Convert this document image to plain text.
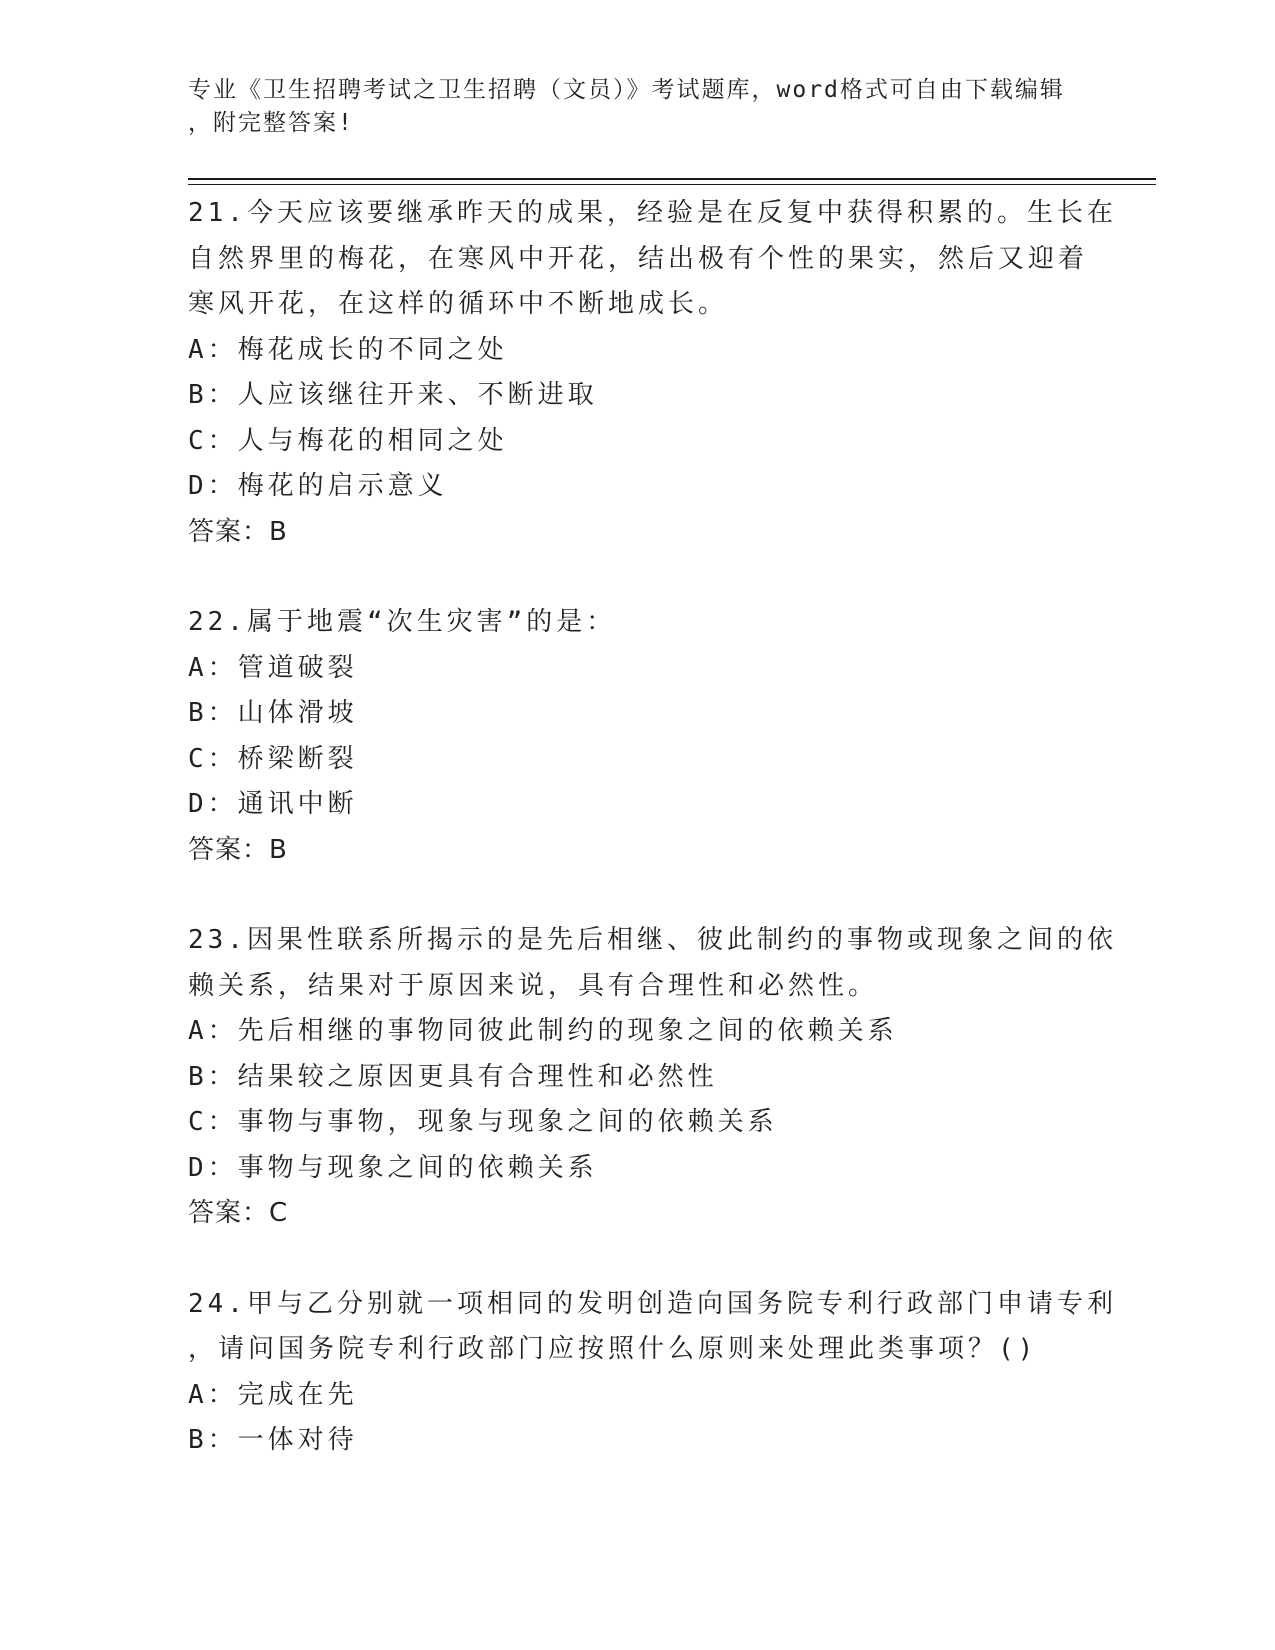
专业《卫生招聘考试之卫生招聘（文员）》考试题库，word格式可自由下载编辑
，附完整答案!
21.今天应该要继承昨天的成果，经验是在反复中获得积累的。生长在
自然界里的梅花，在寒风中开花，结出极有个性的果实，然后又迎着
寒风开花，在这样的循环中不断地成长。
A：梅花成长的不同之处
B：人应该继往开来、不断进取
C：人与梅花的相同之处
D：梅花的启示意义
答案：B
22.属于地震“次生灾害”的是：
A：管道破裂
B：山体滑坡
C：桥梁断裂
D：通讯中断
答案：B
23.因果性联系所揭示的是先后相继、彼此制约的事物或现象之间的依
赖关系，结果对于原因来说，具有合理性和必然性。
A：先后相继的事物同彼此制约的现象之间的依赖关系
B：结果较之原因更具有合理性和必然性
C：事物与事物，现象与现象之间的依赖关系
D：事物与现象之间的依赖关系
答案：C
24.甲与乙分别就一项相同的发明创造向国务院专利行政部门申请专利
，请问国务院专利行政部门应按照什么原则来处理此类事项？()
A：完成在先
B：一体对待
